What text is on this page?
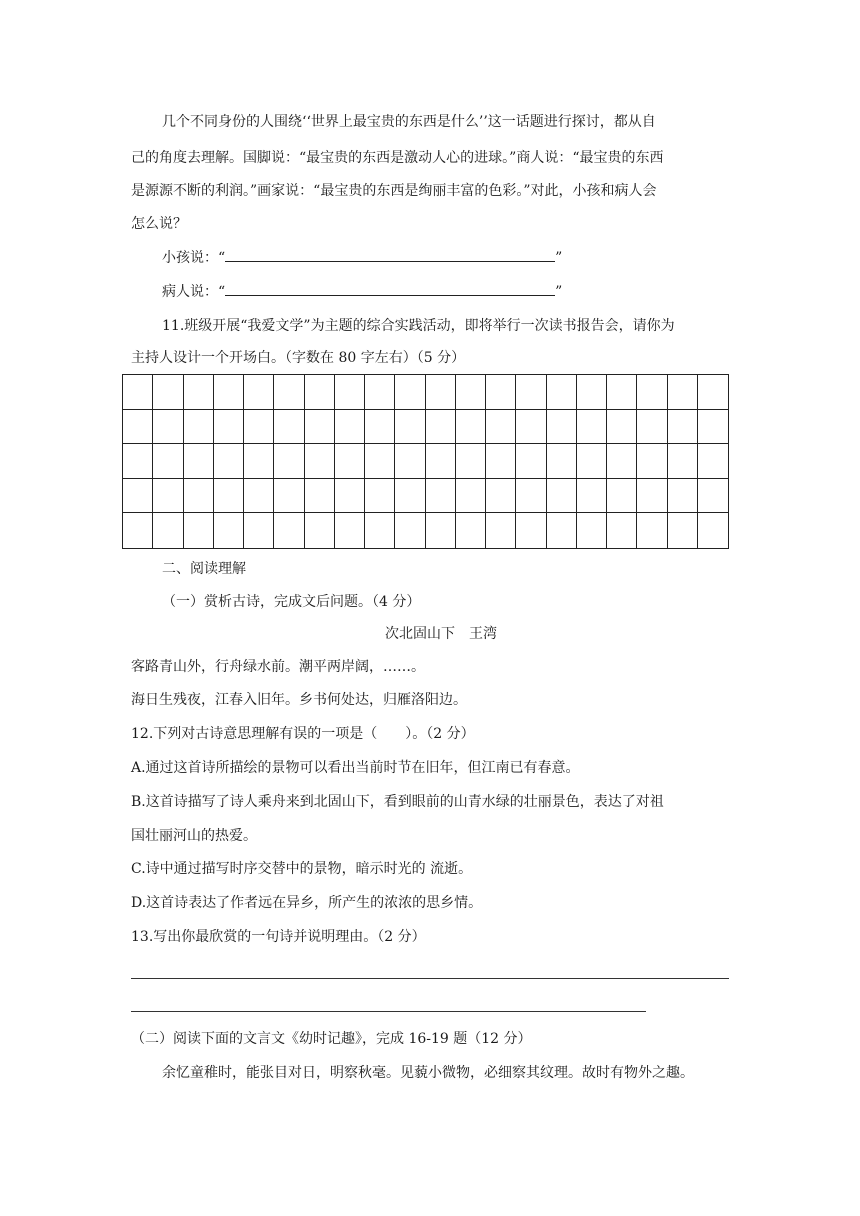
几个不同身份的人围绕‘‘世界上最宝贵的东西是什么’’这一话题进行探讨，都从自
己的角度去理解。国脚说：“最宝贵的东西是激动人心的进球。”商人说：“最宝贵的东西
是源源不断的利润。”画家说：“最宝贵的东西是绚丽丰富的色彩。”对此，小孩和病人会
怎么说？
小孩说：“	”
病人说：“	”
11.班级开展“我爱文学”为主题的综合实践活动，即将举行一次读书报告会，请你为
主持人设计一个开场白。（字数在 80 字左右）（5 分）
二、阅读理解
（一）赏析古诗，完成文后问题。（4 分）
次北固山下　王湾
客路青山外，行舟绿水前。潮平两岸阔，……。
海日生残夜，江春入旧年。乡书何处达，归雁洛阳边。
12.下列对古诗意思理解有误的一项是（　　）。（2 分）
A.通过这首诗所描绘的景物可以看出当前时节在旧年，但江南已有春意。
B.这首诗描写了诗人乘舟来到北固山下，看到眼前的山青水绿的壮丽景色，表达了对祖
国壮丽河山的热爱。
C.诗中通过描写时序交替中的景物，暗示时光的 流逝。
D.这首诗表达了作者远在异乡，所产生的浓浓的思乡情。
13.写出你最欣赏的一句诗并说明理由。（2 分）
（二）阅读下面的文言文《幼时记趣》，完成 16-19 题（12 分）
余忆童稚时，能张目对日，明察秋毫。见藐小微物，必细察其纹理。故时有物外之趣。
